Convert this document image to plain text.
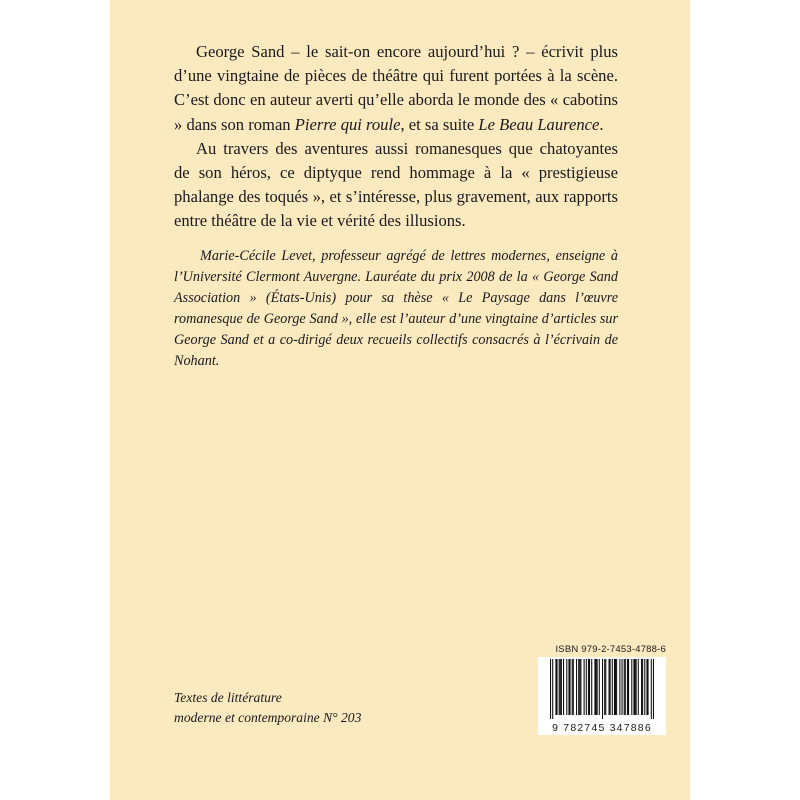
George Sand – le sait-on encore aujourd’hui ? – écrivit plus d’une vingtaine de pièces de théâtre qui furent portées à la scène. C’est donc en auteur averti qu’elle aborda le monde des « cabotins » dans son roman Pierre qui roule, et sa suite Le Beau Laurence.

Au travers des aventures aussi romanesques que chatoyantes de son héros, ce diptyque rend hommage à la « prestigieuse phalange des toqués », et s’intéresse, plus gravement, aux rapports entre théâtre de la vie et vérité des illusions.

Marie-Cécile Levet, professeur agrégé de lettres modernes, enseigne à l’Université Clermont Auvergne. Lauréate du prix 2008 de la « George Sand Association » (États-Unis) pour sa thèse « Le Paysage dans l’œuvre romanesque de George Sand », elle est l’auteur d’une vingtaine d’articles sur George Sand et a co-dirigé deux recueils collectifs consacrés à l’écrivain de Nohant.

Textes de littérature
moderne et contemporaine N° 203
ISBN 979-2-7453-4788-6
9 782745 347886
